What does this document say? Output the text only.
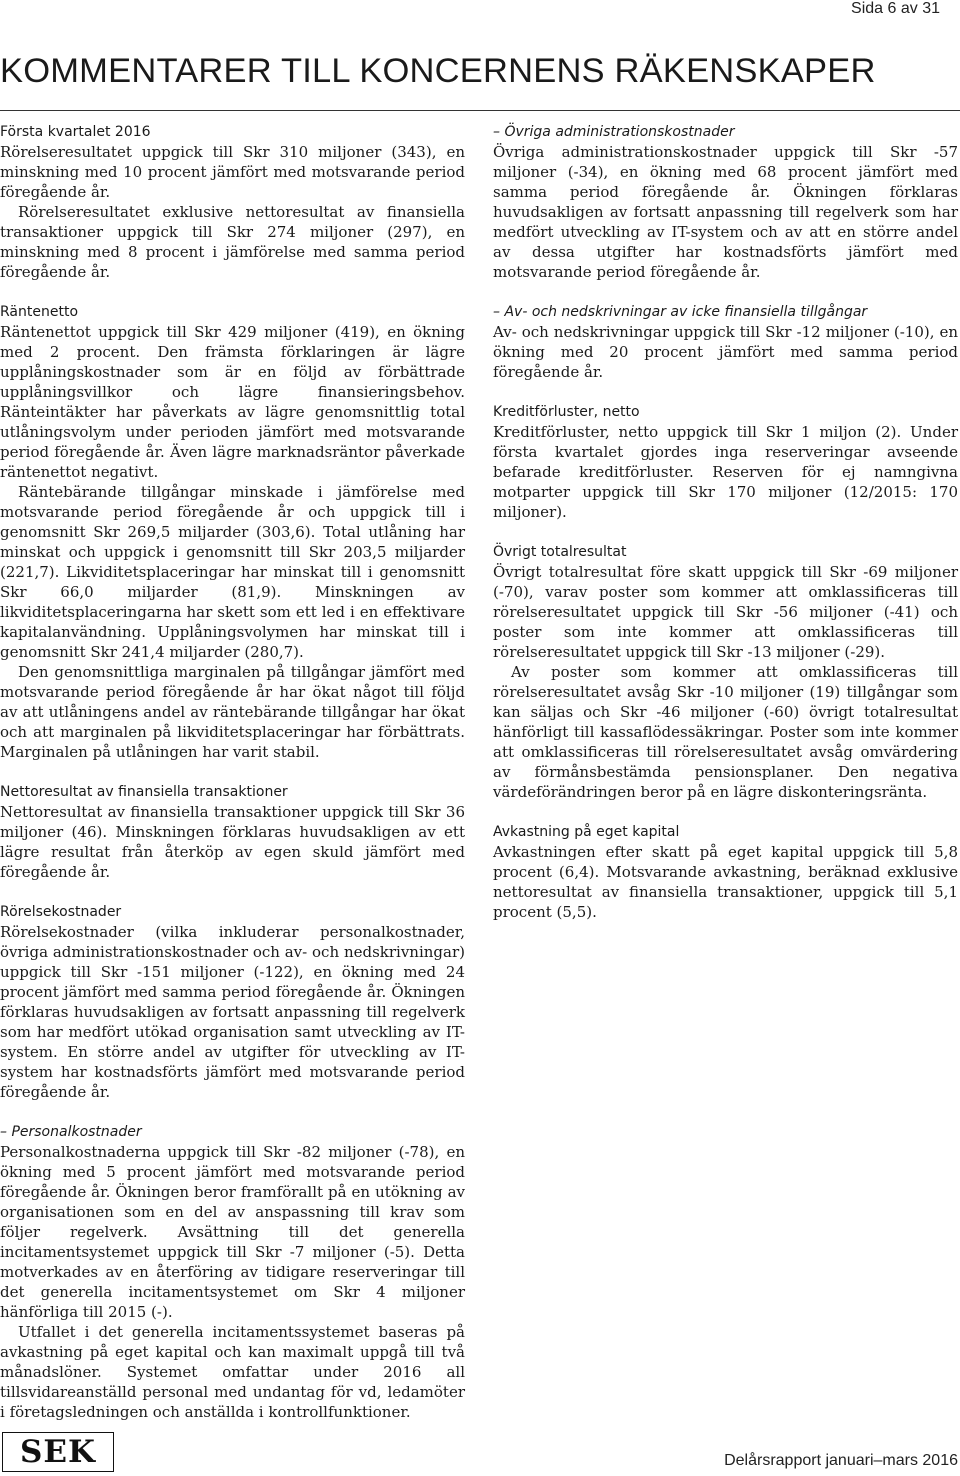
Sida 6 av 31
KOMMENTARER TILL KONCERNENS RÄKENSKAPER
Första kvartalet 2016

Rörelseresultatet uppgick till Skr 310 miljoner (343), en minskning med 10 procent jämfört med motsvarande period föregående år.

Rörelseresultatet exklusive nettoresultat av finansiella transaktioner uppgick till Skr 274 miljoner (297), en minskning med 8 procent i jämförelse med samma period föregående år.

Räntenetto

Räntenettot uppgick till Skr 429 miljoner (419), en ökning med 2 procent. Den främsta förklaringen är lägre upplåningskostnader som är en följd av förbättrade upplåningsvillkor och lägre finansieringsbehov. Ränteintäkter har påverkats av lägre genomsnittlig total utlåningsvolym under perioden jämfört med motsvarande period föregående år. Även lägre marknadsräntor påverkade räntenettot negativt.

Räntebärande tillgångar minskade i jämförelse med motsvarande period föregående år och uppgick till i genomsnitt Skr 269,5 miljarder (303,6). Total utlåning har minskat och uppgick i genomsnitt till Skr 203,5 miljarder (221,7). Likviditetsplaceringar har minskat till i genomsnitt Skr 66,0 miljarder (81,9). Minskningen av likviditetsplaceringarna har skett som ett led i en effektivare kapitalanvändning. Upplåningsvolymen har minskat till i genomsnitt Skr 241,4 miljarder (280,7).

Den genomsnittliga marginalen på tillgångar jämfört med motsvarande period föregående år har ökat något till följd av att utlåningens andel av räntebärande tillgångar har ökat och att marginalen på likviditetsplaceringar har förbättrats. Marginalen på utlåningen har varit stabil.

Nettoresultat av finansiella transaktioner

Nettoresultat av finansiella transaktioner uppgick till Skr 36 miljoner (46). Minskningen förklaras huvudsakligen av ett lägre resultat från återköp av egen skuld jämfört med föregående år.

Rörelsekostnader

Rörelsekostnader (vilka inkluderar personalkostnader, övriga administrationskostnader och av- och nedskrivningar) uppgick till Skr -151 miljoner (-122), en ökning med 24 procent jämfört med samma period föregående år. Ökningen förklaras huvudsakligen av fortsatt anpassning till regelverk som har medfört utökad organisation samt utveckling av IT-system. En större andel av utgifter för utveckling av IT-system har kostnadsförts jämfört med motsvarande period föregående år.

– Personalkostnader

Personalkostnaderna uppgick till Skr -82 miljoner (-78), en ökning med 5 procent jämfört med motsvarande period föregående år. Ökningen beror framförallt på en utökning av organisationen som en del av anspassning till krav som följer regelverk. Avsättning till det generella incitamentsystemet uppgick till Skr -7 miljoner (-5). Detta motverkades av en återföring av tidigare reserveringar till det generella incitamentsystemet om Skr 4 miljoner hänförliga till 2015 (-).

Utfallet i det generella incitamentssystemet baseras på avkastning på eget kapital och kan maximalt uppgå till två månadslöner. Systemet omfattar under 2016 all tillsvidareanställd personal med undantag för vd, ledamöter i företagsledningen och anställda i kontrollfunktioner.

– Övriga administrationskostnader

Övriga administrationskostnader uppgick till Skr -57 miljoner (-34), en ökning med 68 procent jämfört med samma period föregående år. Ökningen förklaras huvudsakligen av fortsatt anpassning till regelverk som har medfört utveckling av IT-system och av att en större andel av dessa utgifter har kostnadsförts jämfört med motsvarande period föregående år.

– Av- och nedskrivningar av icke finansiella tillgångar

Av- och nedskrivningar uppgick till Skr -12 miljoner (-10), en ökning med 20 procent jämfört med samma period föregående år.

Kreditförluster, netto

Kreditförluster, netto uppgick till Skr 1 miljon (2). Under första kvartalet gjordes inga reserveringar avseende befarade kreditförluster. Reserven för ej namngivna motparter uppgick till Skr 170 miljoner (12/2015: 170 miljoner).

Övrigt totalresultat

Övrigt totalresultat före skatt uppgick till Skr -69 miljoner (-70), varav poster som kommer att omklassificeras till rörelseresultatet uppgick till Skr -56 miljoner (-41) och poster som inte kommer att omklassificeras till rörelseresultatet uppgick till Skr -13 miljoner (-29).

Av poster som kommer att omklassificeras till rörelseresultatet avsåg Skr -10 miljoner (19) tillgångar som kan säljas och Skr -46 miljoner (-60) övrigt totalresultat hänförligt till kassaflödessäkringar. Poster som inte kommer att omklassificeras till rörelseresultatet avsåg omvärdering av förmånsbestämda pensionsplaner. Den negativa värdeförändringen beror på en lägre diskonteringsränta.

Avkastning på eget kapital

Avkastningen efter skatt på eget kapital uppgick till 5,8 procent (6,4). Motsvarande avkastning, beräknad exklusive nettoresultat av finansiella transaktioner, uppgick till 5,1 procent (5,5).

SEK	Delårsrapport januari–mars 2016
